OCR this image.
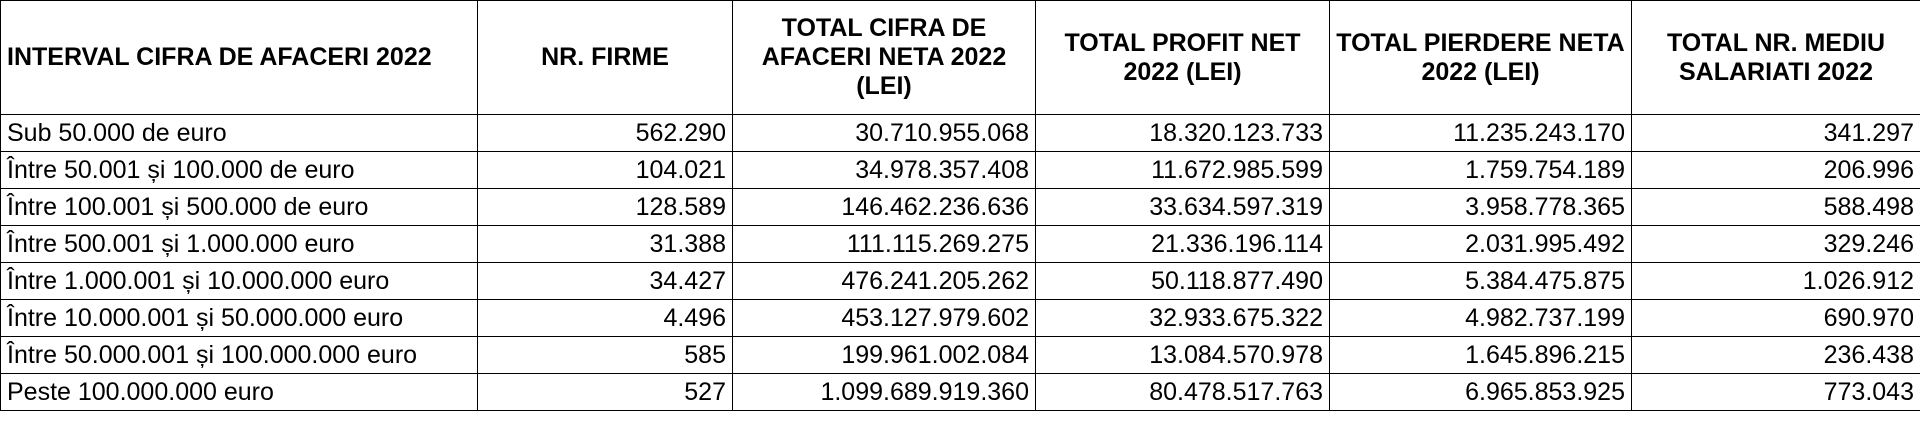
INTERVAL CIFRA DE AFACERI 2022	NR. FIRME	TOTAL CIFRA DE AFACERI NETA 2022 (LEI)	TOTAL PROFIT NET 2022 (LEI)	TOTAL PIERDERE NETA 2022 (LEI)	TOTAL NR. MEDIU SALARIATI 2022
Sub 50.000 de euro	562.290	30.710.955.068	18.320.123.733	11.235.243.170	341.297
Între 50.001 și 100.000 de euro	104.021	34.978.357.408	11.672.985.599	1.759.754.189	206.996
Între 100.001 și 500.000 de euro	128.589	146.462.236.636	33.634.597.319	3.958.778.365	588.498
Între 500.001 și 1.000.000 euro	31.388	111.115.269.275	21.336.196.114	2.031.995.492	329.246
Între 1.000.001 și 10.000.000 euro	34.427	476.241.205.262	50.118.877.490	5.384.475.875	1.026.912
Între 10.000.001 și 50.000.000 euro	4.496	453.127.979.602	32.933.675.322	4.982.737.199	690.970
Între 50.000.001 și 100.000.000 euro	585	199.961.002.084	13.084.570.978	1.645.896.215	236.438
Peste 100.000.000 euro	527	1.099.689.919.360	80.478.517.763	6.965.853.925	773.043
